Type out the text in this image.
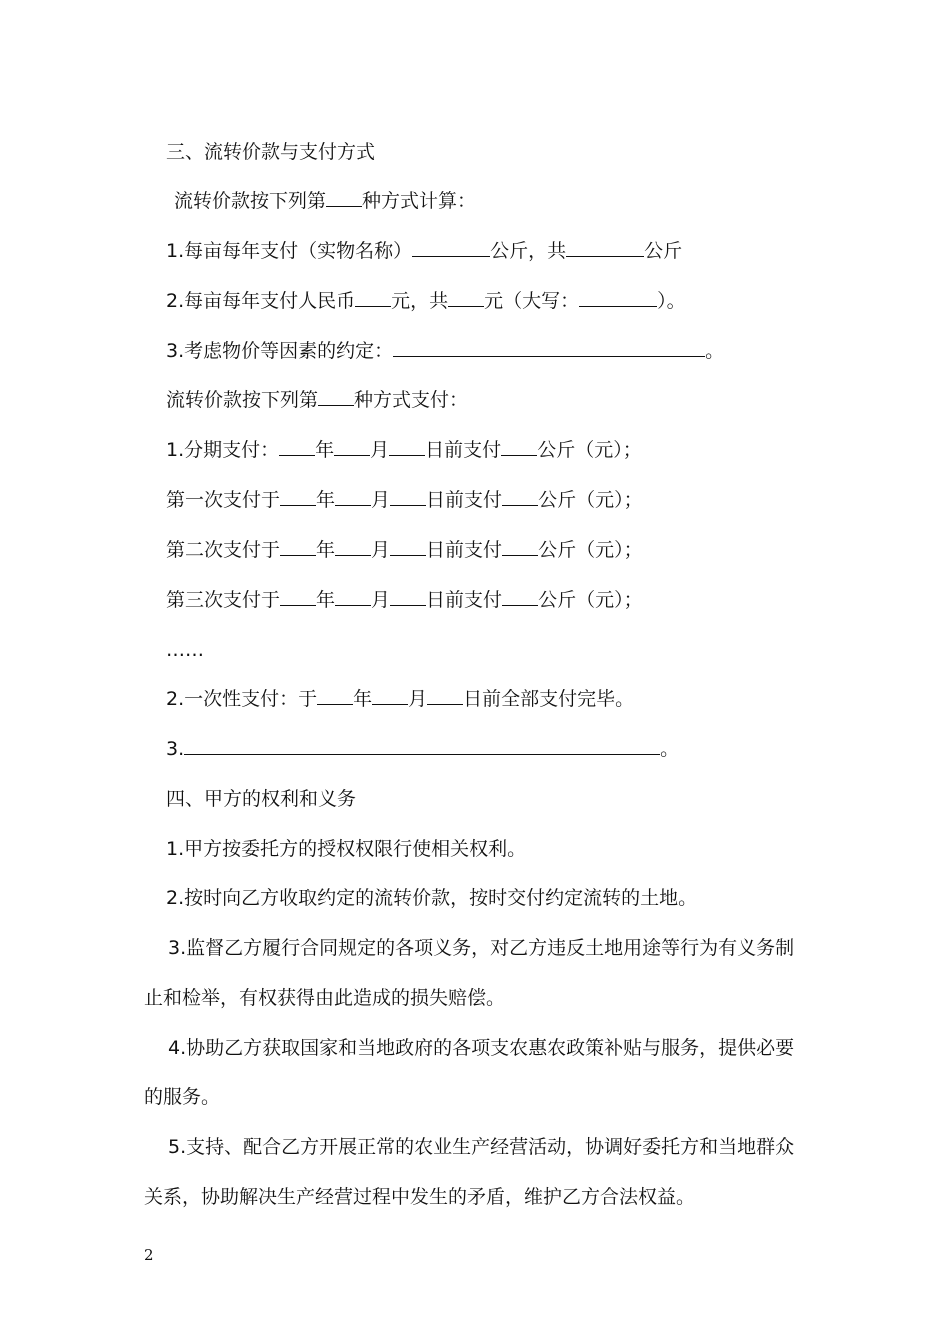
三、流转价款与支付方式
流转价款按下列第 种方式计算：
1.每亩每年支付（实物名称）	公斤，共	公斤
2.每亩每年支付人民币 元，共 元（大写：	）。
3.考虑物价等因素的约定：	。
流转价款按下列第 种方式支付：
1.分期支付： 年 月 日前支付 公斤（元）；
第一次支付于 年 月 日前支付 公斤（元）；
第二次支付于 年 月 日前支付 公斤（元）；
第三次支付于 年 月 日前支付 公斤（元）；
……
2.一次性支付：于 年 月 日前全部支付完毕。
3.	。
四、甲方的权利和义务
1.甲方按委托方的授权权限行使相关权利。
2.按时向乙方收取约定的流转价款，按时交付约定流转的土地。
3.监督乙方履行合同规定的各项义务，对乙方违反土地用途等行为有义务制
止和检举，有权获得由此造成的损失赔偿。
4.协助乙方获取国家和当地政府的各项支农惠农政策补贴与服务，提供必要
的服务。
5.支持、配合乙方开展正常的农业生产经营活动，协调好委托方和当地群众
关系，协助解决生产经营过程中发生的矛盾，维护乙方合法权益。
2
